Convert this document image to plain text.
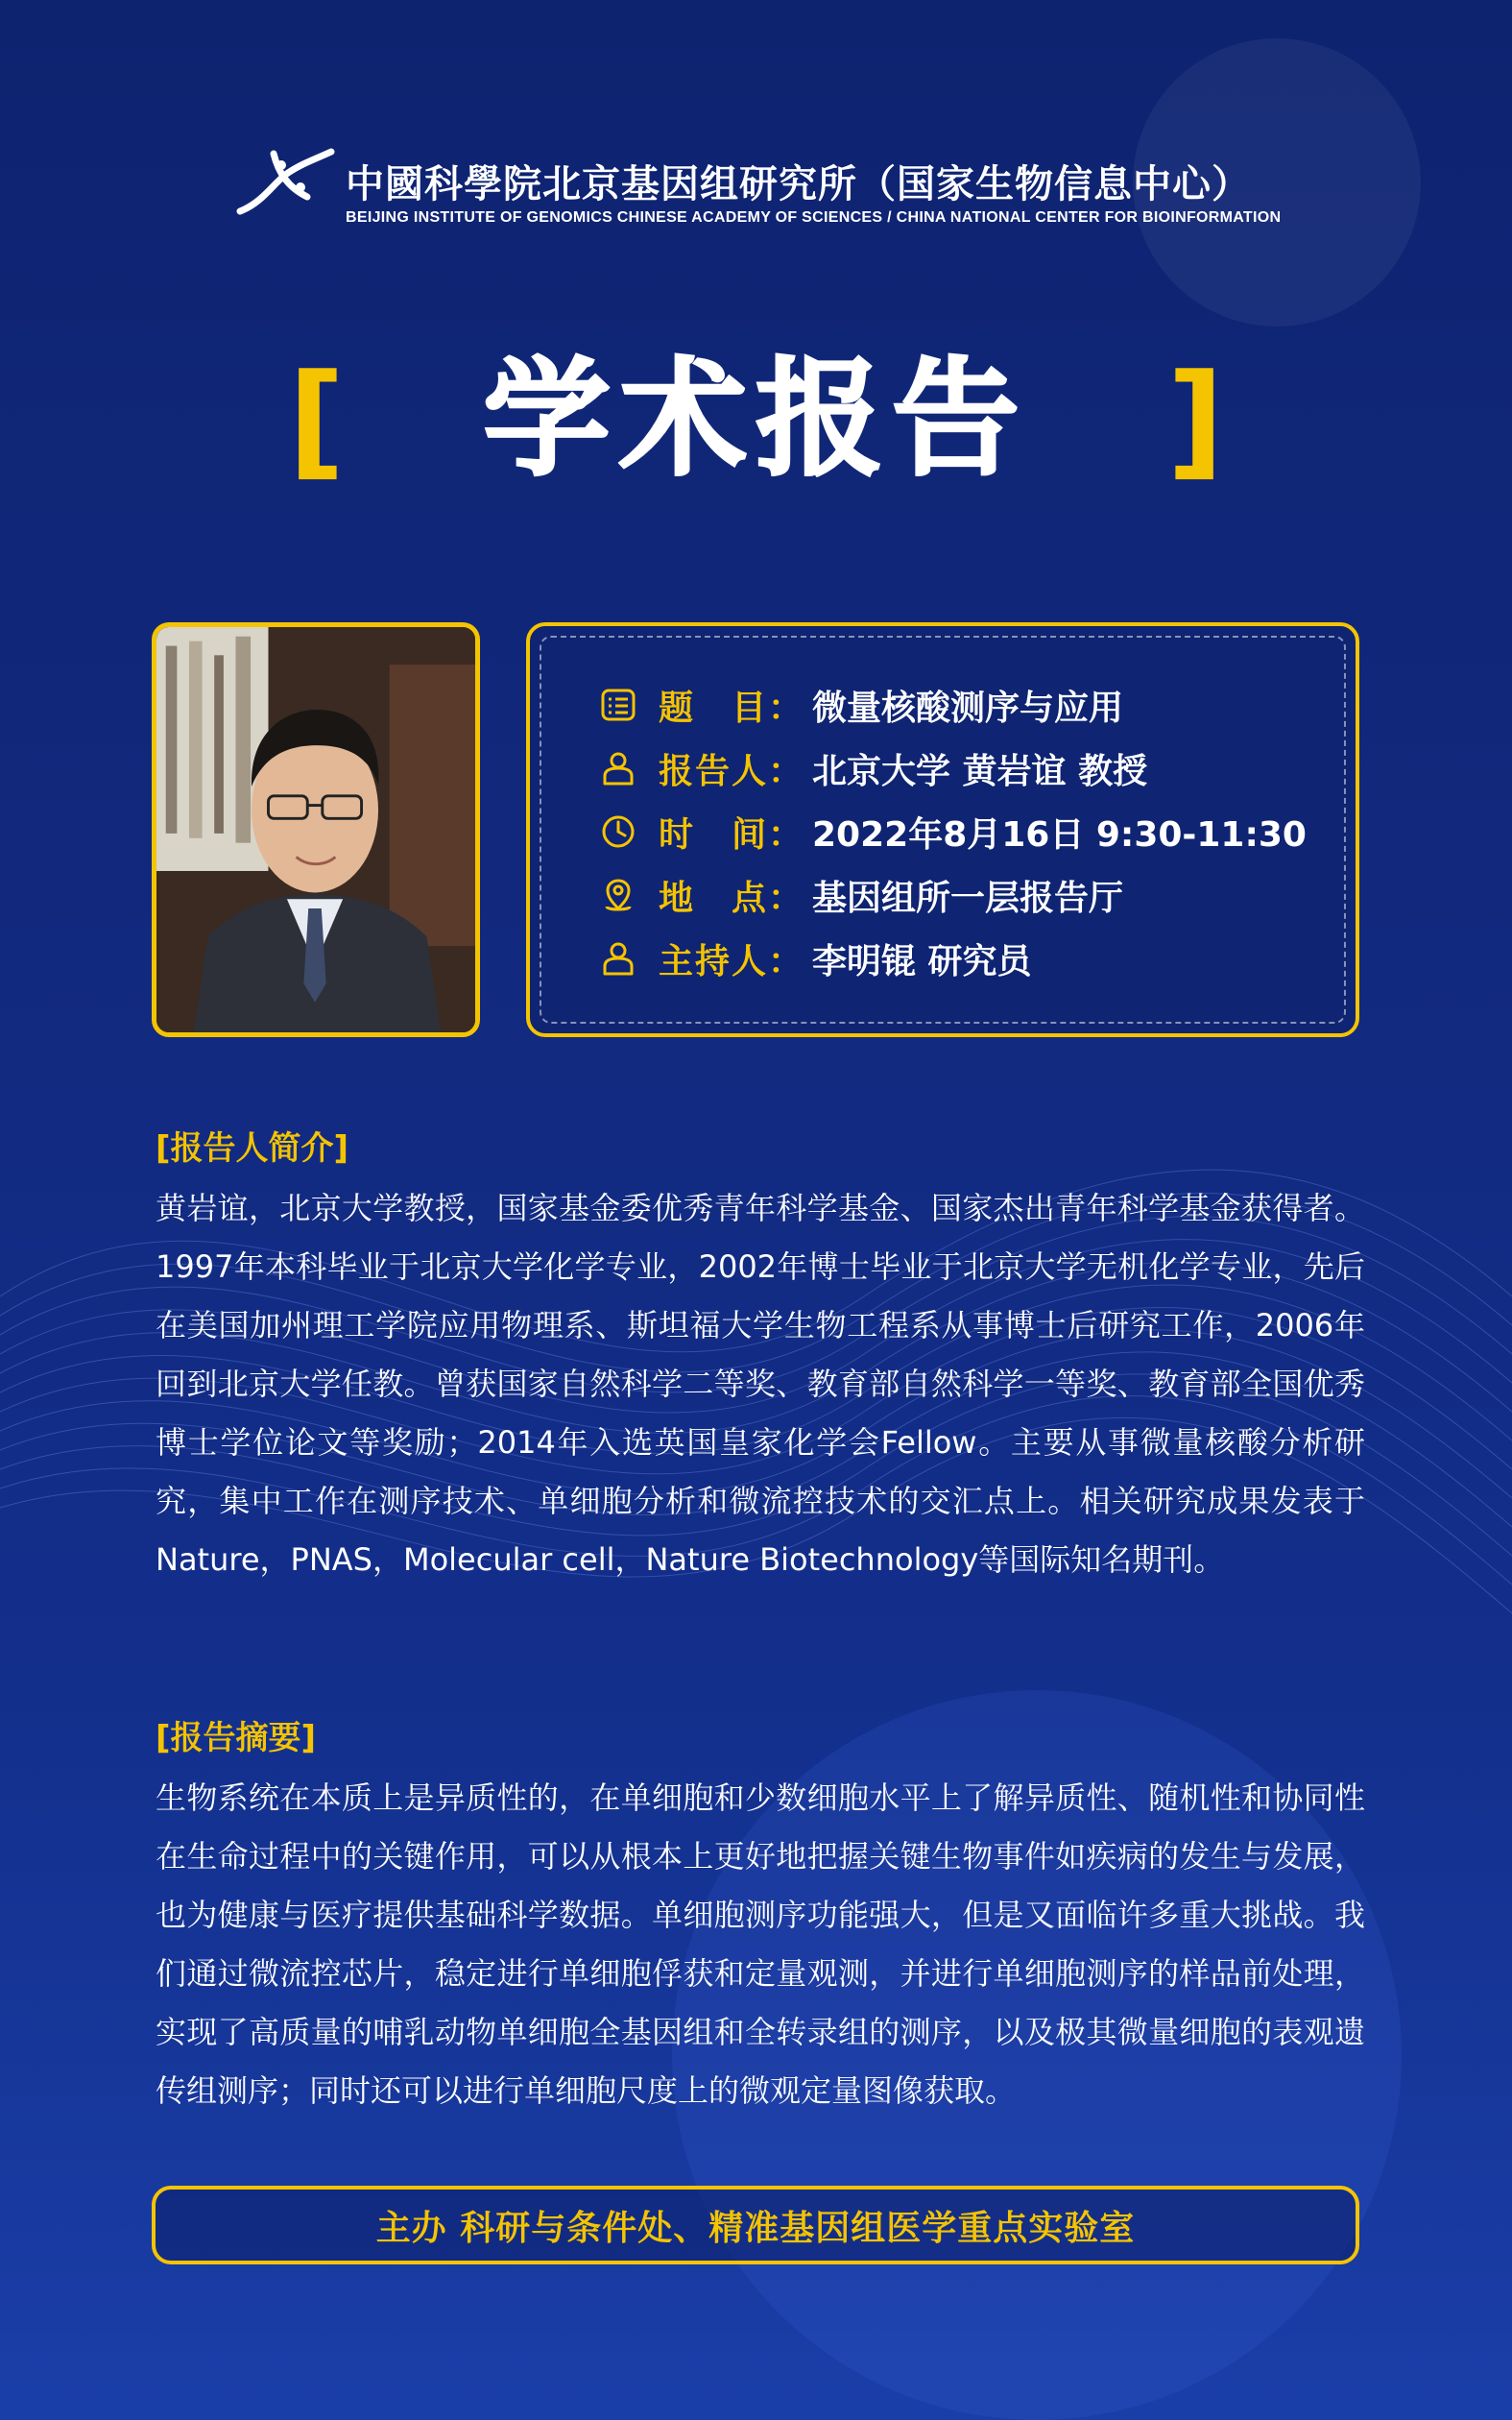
中國科學院北京基因组研究所（国家生物信息中心）
BEIJING INSTITUTE OF GENOMICS CHINESE ACADEMY OF SCIENCES / CHINA NATIONAL CENTER FOR BIOINFORMATION
[	学术报告	]
题　目： 微量核酸测序与应用
报告人： 北京大学 黄岩谊 教授
时　间： 2022年8月16日 9:30-11:30
地　点： 基因组所一层报告厅
主持人： 李明锟 研究员
[报告人简介]
黄岩谊，北京大学教授，国家基金委优秀青年科学基金、国家杰出青年科学基金获得者。1997年本科毕业于北京大学化学专业，2002年博士毕业于北京大学无机化学专业，先后在美国加州理工学院应用物理系、斯坦福大学生物工程系从事博士后研究工作，2006年回到北京大学任教。曾获国家自然科学二等奖、教育部自然科学一等奖、教育部全国优秀博士学位论文等奖励；2014年入选英国皇家化学会Fellow。主要从事微量核酸分析研究，集中工作在测序技术、单细胞分析和微流控技术的交汇点上。相关研究成果发表于Nature，PNAS，Molecular cell，Nature Biotechnology等国际知名期刊。
[报告摘要]
生物系统在本质上是异质性的，在单细胞和少数细胞水平上了解异质性、随机性和协同性在生命过程中的关键作用，可以从根本上更好地把握关键生物事件如疾病的发生与发展，也为健康与医疗提供基础科学数据。单细胞测序功能强大，但是又面临许多重大挑战。我们通过微流控芯片，稳定进行单细胞俘获和定量观测，并进行单细胞测序的样品前处理，实现了高质量的哺乳动物单细胞全基因组和全转录组的测序，以及极其微量细胞的表观遗传组测序；同时还可以进行单细胞尺度上的微观定量图像获取。
主办 科研与条件处、精准基因组医学重点实验室
